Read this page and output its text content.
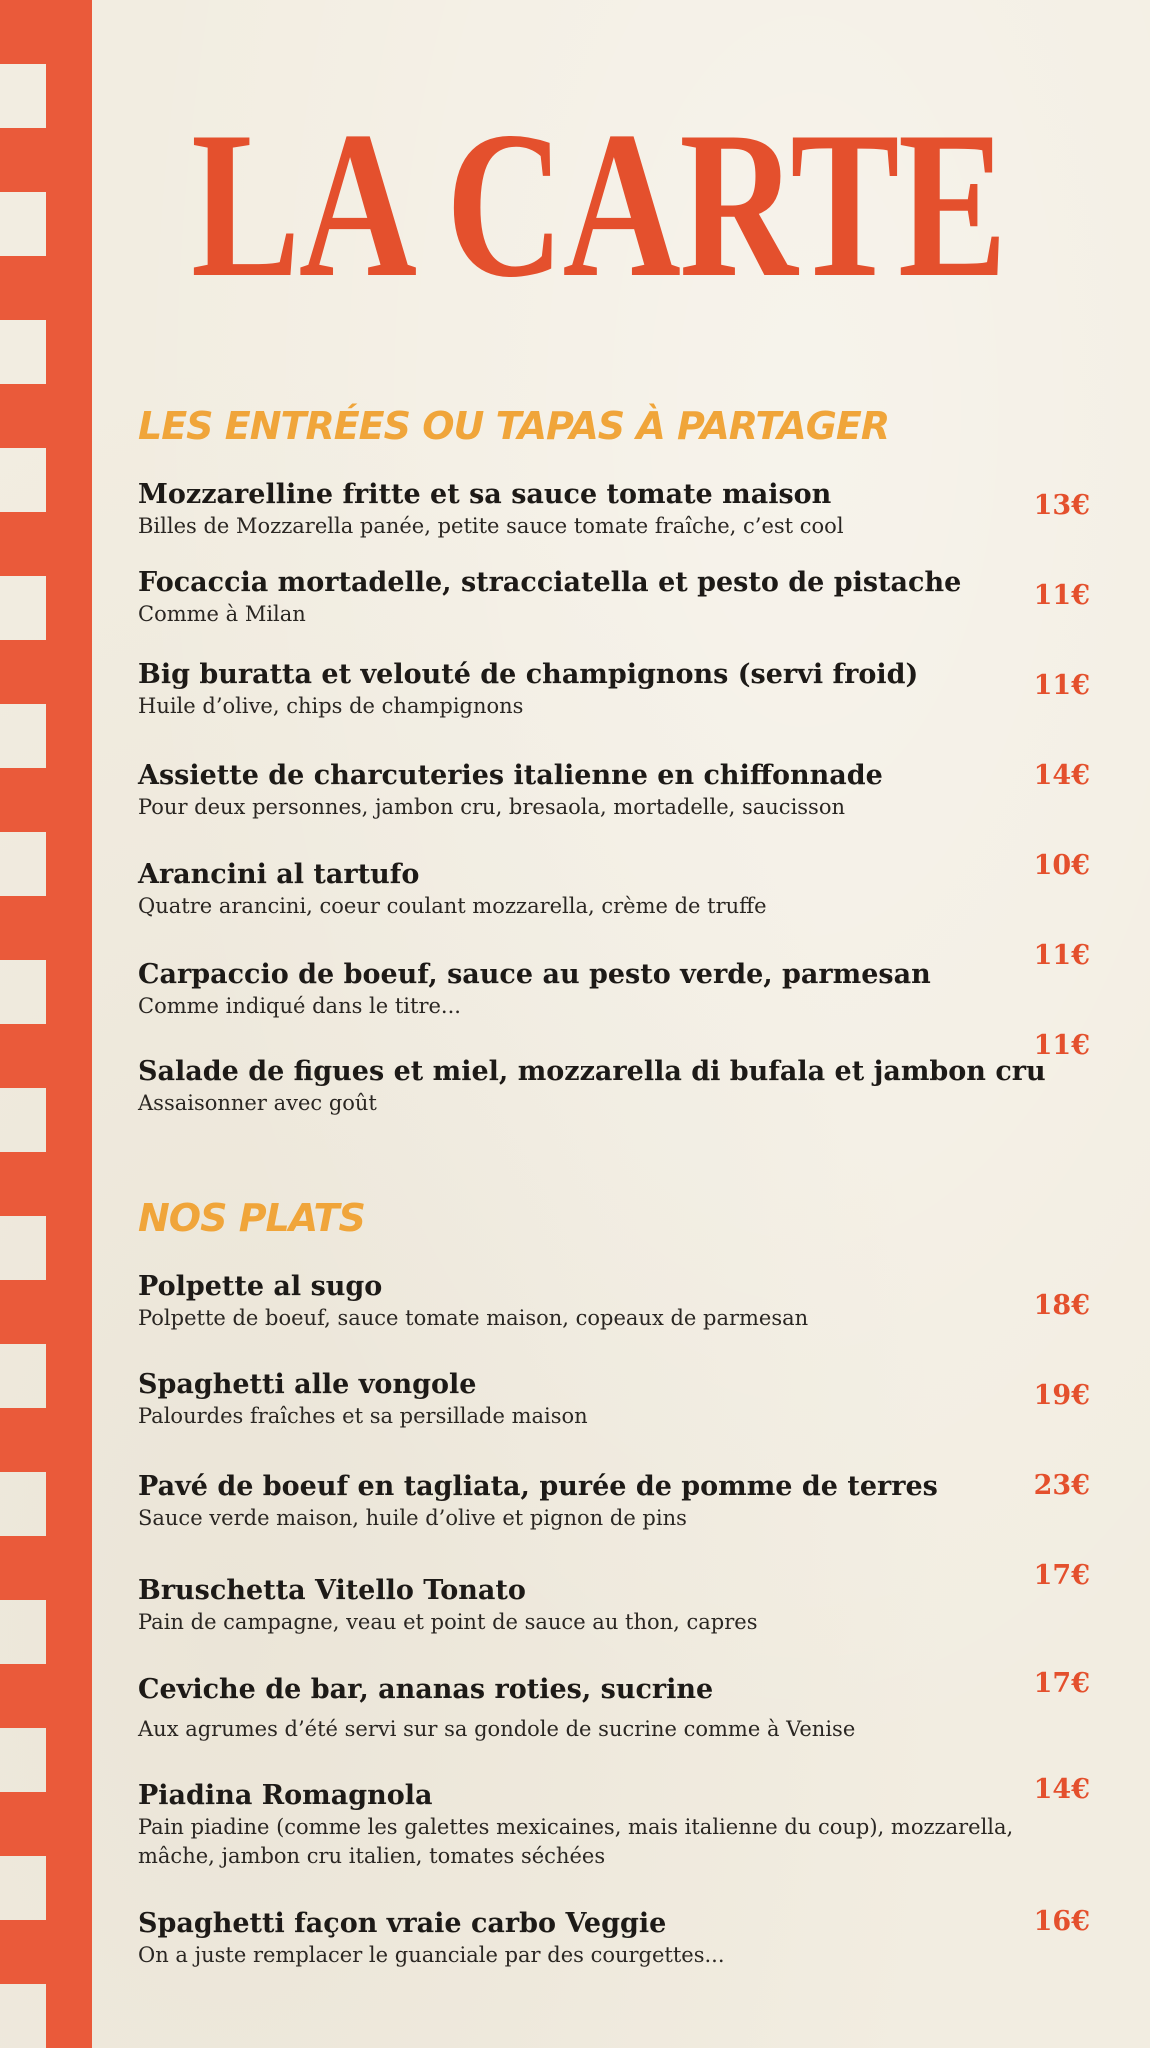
LA CARTE
LES ENTRÉES OU TAPAS À PARTAGER
Mozzarelline fritte et sa sauce tomate maison
Billes de Mozzarella panée, petite sauce tomate fraîche, c’est cool
13€
Focaccia mortadelle, stracciatella et pesto de pistache
Comme à Milan
11€
Big buratta et velouté de champignons (servi froid)
Huile d’olive, chips de champignons
11€
Assiette de charcuteries italienne en chiffonnade
Pour deux personnes, jambon cru, bresaola, mortadelle, saucisson
14€
Arancini al tartufo
Quatre arancini, coeur coulant mozzarella, crème de truffe
10€
Carpaccio de boeuf, sauce au pesto verde, parmesan
Comme indiqué dans le titre...
11€
Salade de figues et miel, mozzarella di bufala et jambon cru
Assaisonner avec goût
11€
NOS PLATS
Polpette al sugo
Polpette de boeuf, sauce tomate maison, copeaux de parmesan	18€
Spaghetti alle vongole
Palourdes fraîches et sa persillade maison
19€
Pavé de boeuf en tagliata, purée de pomme de terres
Sauce verde maison, huile d’olive et pignon de pins
23€
Bruschetta Vitello Tonato
Pain de campagne, veau et point de sauce au thon, capres
17€
Ceviche de bar, ananas roties, sucrine
Aux agrumes d’été servi sur sa gondole de sucrine comme à Venise
17€
Piadina Romagnola
Pain piadine (comme les galettes mexicaines, mais italienne du coup), mozzarella, mâche, jambon cru italien, tomates séchées
14€
Spaghetti façon vraie carbo Veggie
On a juste remplacer le guanciale par des courgettes...
16€
